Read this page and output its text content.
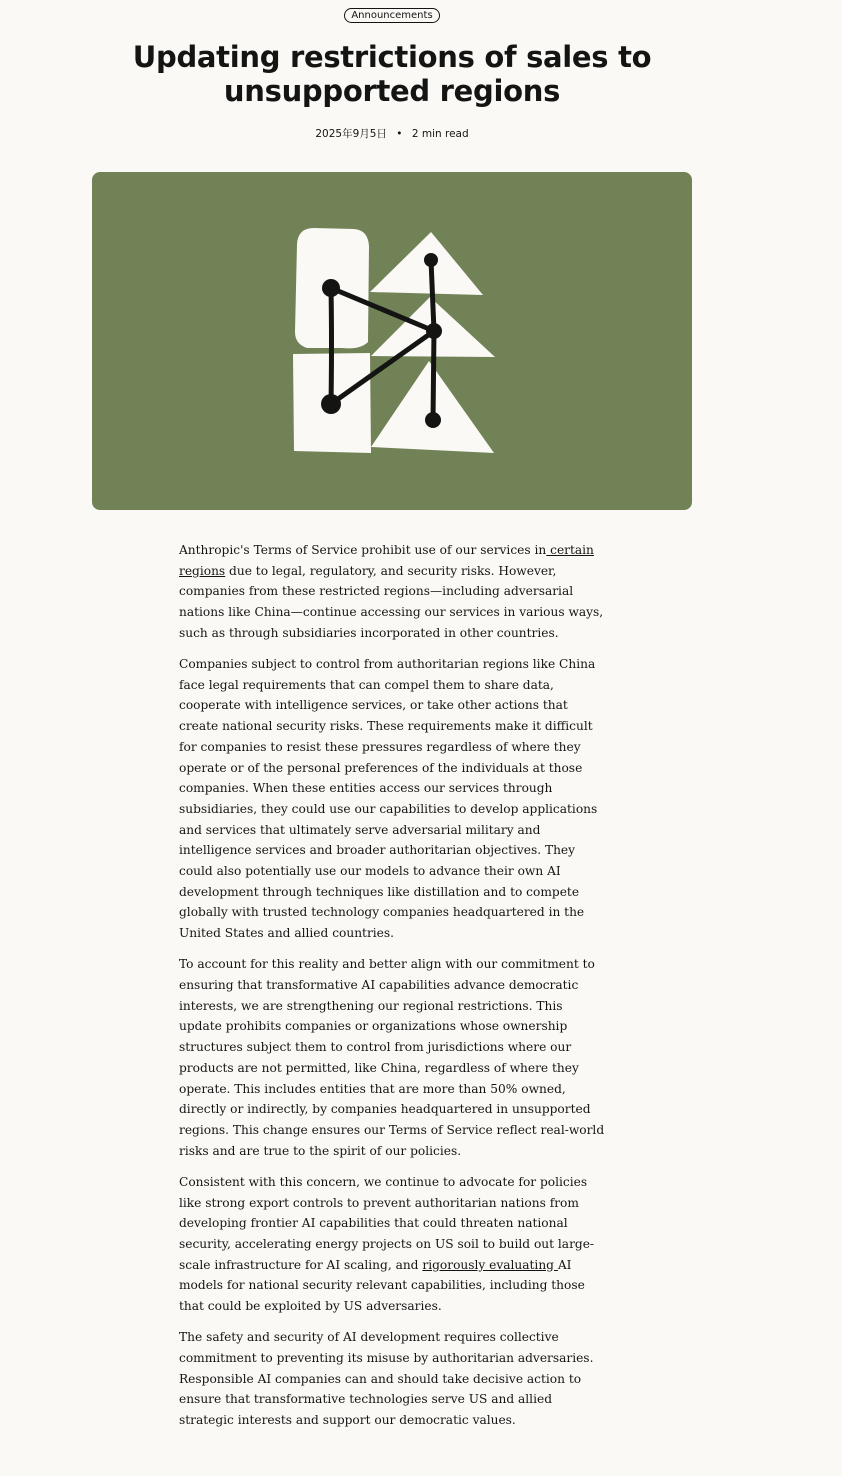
Announcements
Updating restrictions of sales to unsupported regions
2025年9月5日 • 2 min read

Anthropic's Terms of Service prohibit use of our services in certain regions due to legal, regulatory, and security risks. However, companies from these restricted regions—including adversarial nations like China—continue accessing our services in various ways, such as through subsidiaries incorporated in other countries.

Companies subject to control from authoritarian regions like China face legal requirements that can compel them to share data, cooperate with intelligence services, or take other actions that create national security risks. These requirements make it difficult for companies to resist these pressures regardless of where they operate or of the personal preferences of the individuals at those companies. When these entities access our services through subsidiaries, they could use our capabilities to develop applications and services that ultimately serve adversarial military and intelligence services and broader authoritarian objectives. They could also potentially use our models to advance their own AI development through techniques like distillation and to compete globally with trusted technology companies headquartered in the United States and allied countries.

To account for this reality and better align with our commitment to ensuring that transformative AI capabilities advance democratic interests, we are strengthening our regional restrictions. This update prohibits companies or organizations whose ownership structures subject them to control from jurisdictions where our products are not permitted, like China, regardless of where they operate. This includes entities that are more than 50% owned, directly or indirectly, by companies headquartered in unsupported regions. This change ensures our Terms of Service reflect real-world risks and are true to the spirit of our policies.

Consistent with this concern, we continue to advocate for policies like strong export controls to prevent authoritarian nations from developing frontier AI capabilities that could threaten national security, accelerating energy projects on US soil to build out large-scale infrastructure for AI scaling, and rigorously evaluating AI models for national security relevant capabilities, including those that could be exploited by US adversaries.

The safety and security of AI development requires collective commitment to preventing its misuse by authoritarian adversaries. Responsible AI companies can and should take decisive action to ensure that transformative technologies serve US and allied strategic interests and support our democratic values.
